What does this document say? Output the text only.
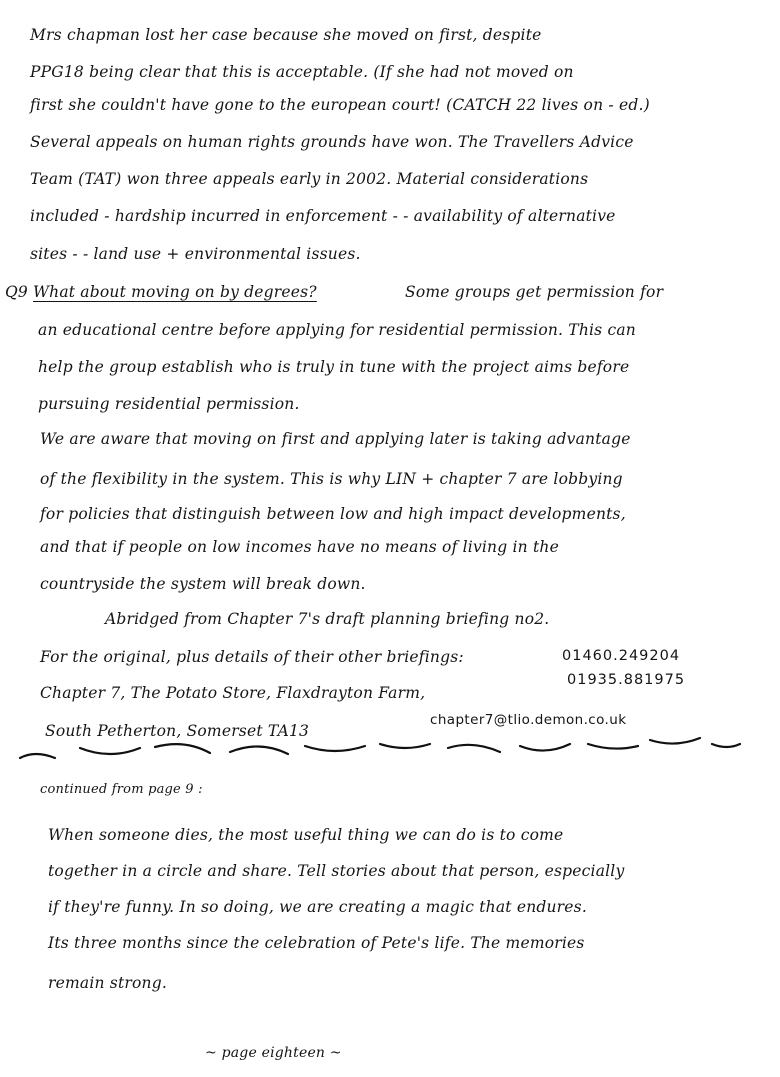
Mrs chapman lost her case because she moved on first, despite
PPG18 being clear that this is acceptable. (If she had not moved on
first she couldn't have gone to the european court! (CATCH 22 lives on - ed.)
Several appeals on human rights grounds have won. The Travellers Advice
Team (TAT) won three appeals early in 2002. Material considerations
included - hardship incurred in enforcement - - availability of alternative
sites - - land use + environmental issues.
Q9 What about moving on by degrees?	Some groups get permission for
an educational centre before applying for residential permission. This can
help the group establish who is truly in tune with the project aims before
pursuing residential permission.
We are aware that moving on first and applying later is taking advantage
of the flexibility in the system. This is why LIN + chapter 7 are lobbying
for policies that distinguish between low and high impact developments,
and that if people on low incomes have no means of living in the
countryside the system will break down.
Abridged from Chapter 7's draft planning briefing no2.
For the original, plus details of their other briefings:	01460.249204
Chapter 7, The Potato Store, Flaxdrayton Farm,
01935.881975
South Petherton, Somerset TA13
chapter7@tlio.demon.co.uk
continued from page 9 :
When someone dies, the most useful thing we can do is to come
together in a circle and share. Tell stories about that person, especially
if they're funny. In so doing, we are creating a magic that endures.
Its three months since the celebration of Pete's life. The memories
remain strong.
~ page eighteen ~
